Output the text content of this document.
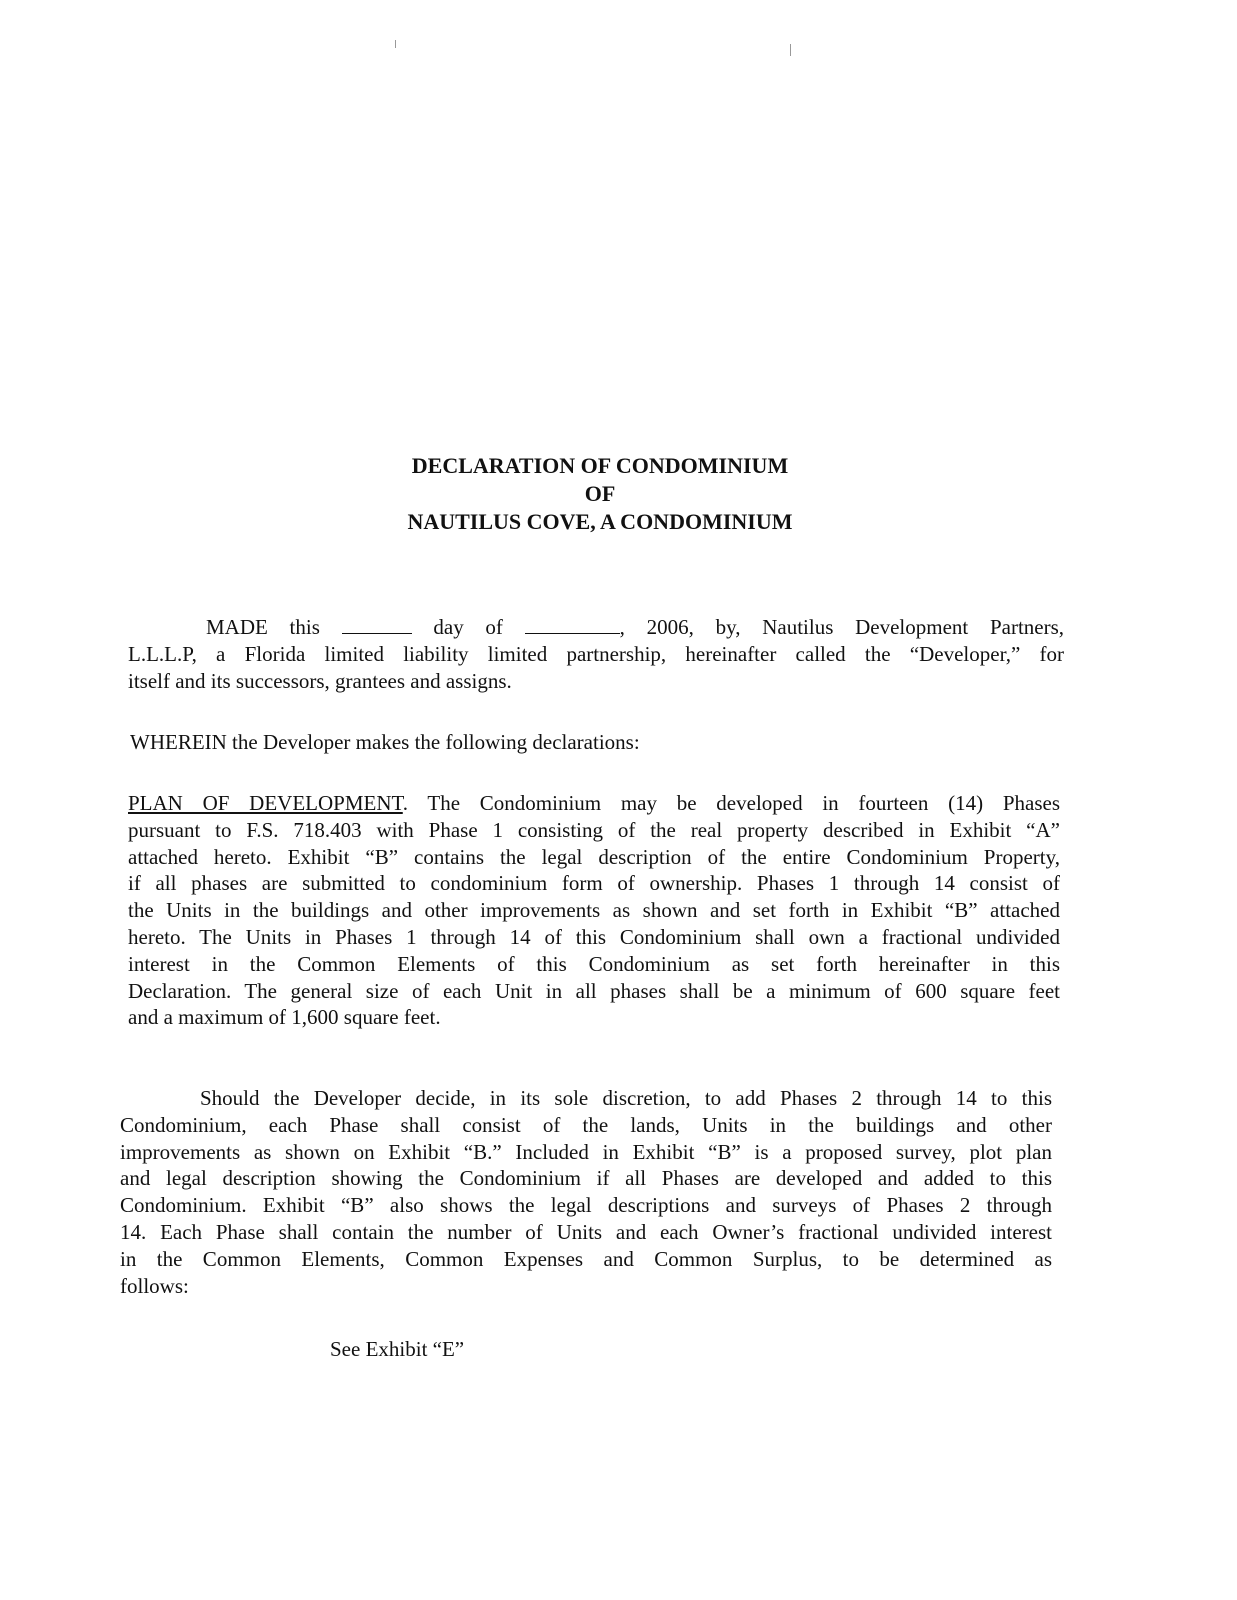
DECLARATION OF CONDOMINIUM
OF
NAUTILUS COVE, A CONDOMINIUM
MADE this	day of	, 2006, by, Nautilus Development Partners,
L.L.L.P, a Florida limited liability limited partnership, hereinafter called the “Developer,” for
itself and its successors, grantees and assigns.
WHEREIN the Developer makes the following declarations:
PLAN OF DEVELOPMENT. The Condominium may be developed in fourteen (14) Phases
pursuant to F.S. 718.403 with Phase 1 consisting of the real property described in Exhibit “A”
attached hereto. Exhibit “B” contains the legal description of the entire Condominium Property,
if all phases are submitted to condominium form of ownership. Phases 1 through 14 consist of
the Units in the buildings and other improvements as shown and set forth in Exhibit “B” attached
hereto. The Units in Phases 1 through 14 of this Condominium shall own a fractional undivided
interest in the Common Elements of this Condominium as set forth hereinafter in this
Declaration. The general size of each Unit in all phases shall be a minimum of 600 square feet
and a maximum of 1,600 square feet.
Should the Developer decide, in its sole discretion, to add Phases 2 through 14 to this
Condominium, each Phase shall consist of the lands, Units in the buildings and other
improvements as shown on Exhibit “B.” Included in Exhibit “B” is a proposed survey, plot plan
and legal description showing the Condominium if all Phases are developed and added to this
Condominium. Exhibit “B” also shows the legal descriptions and surveys of Phases 2 through
14. Each Phase shall contain the number of Units and each Owner’s fractional undivided interest
in the Common Elements, Common Expenses and Common Surplus, to be determined as
follows:
See Exhibit “E”
